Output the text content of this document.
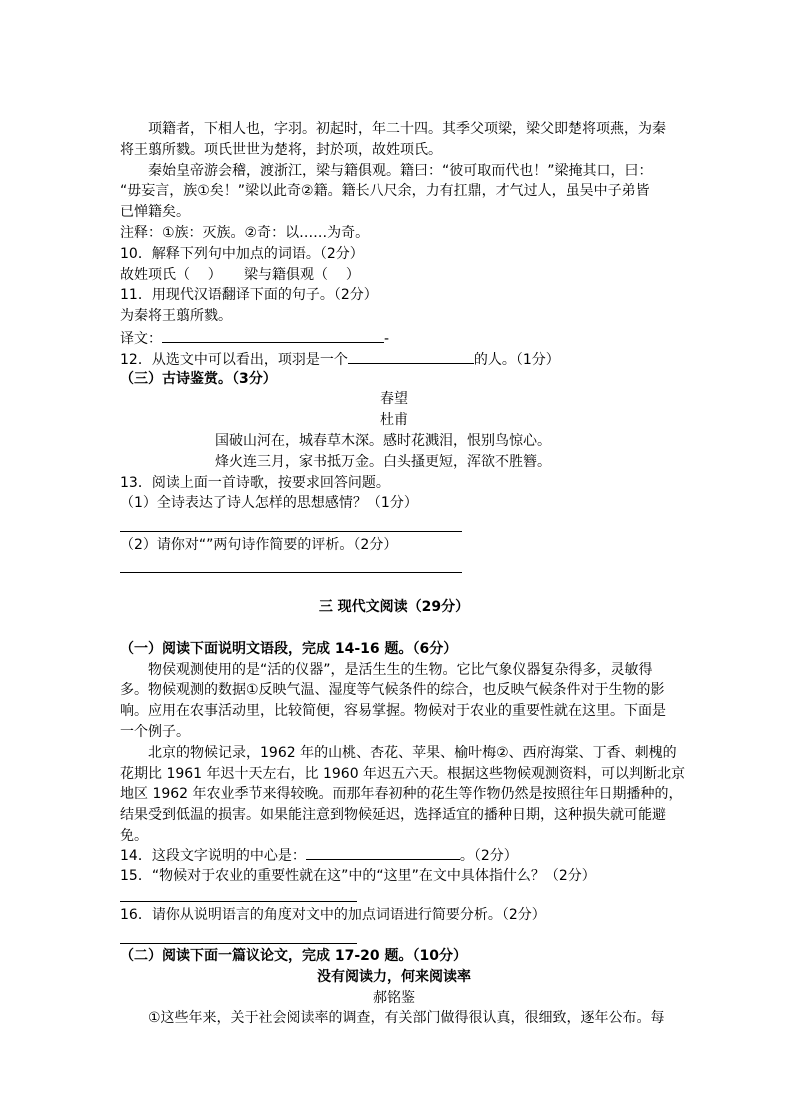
项籍者，下相人也，字羽。初起时，年二十四。其季父项梁，梁父即楚将项燕，为秦
将王翦所戮。项氏世世为楚将，封於项，故姓项氏。
秦始皇帝游会稽，渡浙江，梁与籍俱观。籍曰：“彼可取而代也！”梁掩其口，曰：
“毋妄言，族①矣！”梁以此奇②籍。籍长八尺余，力有扛鼎，才气过人，虽吴中子弟皆
已惮籍矣。
注释：①族：灭族。②奇：以……为奇。
10．解释下列句中加点的词语。（2分）
故姓项氏（    ）     梁与籍俱观（    ）
11．用现代汉语翻译下面的句子。（2分）
为秦将王翦所戮。
译文：	-
12．从选文中可以看出，项羽是一个	的人。（1分）
（三）古诗鉴赏。（3分）
春望
杜甫
国破山河在，城春草木深。感时花溅泪，恨别鸟惊心。
烽火连三月，家书抵万金。白头搔更短，浑欲不胜簪。
13．阅读上面一首诗歌，按要求回答问题。
（1）全诗表达了诗人怎样的思想感情？（1分）
（2）请你对“”两句诗作简要的评析。（2分）
三 现代文阅读（29分）
（一）阅读下面说明文语段，完成 14-16 题。（6分）
物侯观测使用的是“活的仪器”，是活生生的生物。它比气象仪器复杂得多，灵敏得
多。物候观测的数据①反映气温、湿度等气候条件的综合，也反映气候条件对于生物的影
响。应用在农事活动里，比较简便，容易掌握。物候对于农业的重要性就在这里。下面是
一个例子。
北京的物候记录，1962 年的山桃、杏花、苹果、榆叶梅②、西府海棠、丁香、刺槐的
花期比 1961 年迟十天左右，比 1960 年迟五六天。根据这些物候观测资料，可以判断北京
地区 1962 年农业季节来得较晚。而那年春初种的花生等作物仍然是按照往年日期播种的，
结果受到低温的损害。如果能注意到物候延迟，选择适宜的播种日期，这种损失就可能避
免。
14．这段文字说明的中心是：	。（2分）
15．“物候对于农业的重要性就在这”中的“这里”在文中具体指什么？（2分）
16．请你从说明语言的角度对文中的加点词语进行简要分析。（2分）
（二）阅读下面一篇议论文，完成 17-20 题。（10分）
没有阅读力，何来阅读率
郝铭鉴
①这些年来，关于社会阅读率的调查，有关部门做得很认真，很细致，逐年公布。每
